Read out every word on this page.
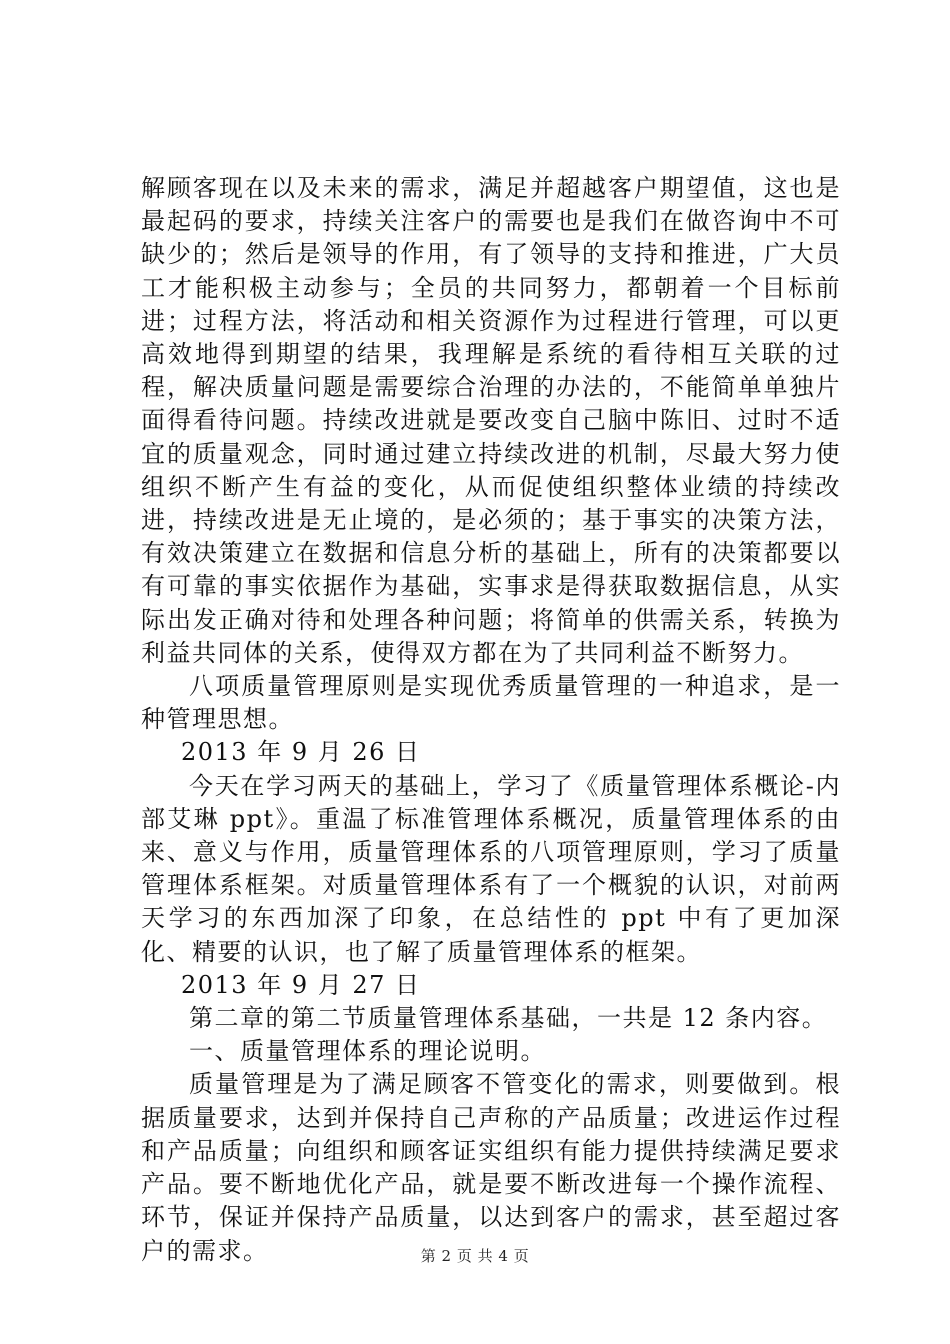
解顾客现在以及未来的需求，满足并超越客户期望值，这也是最起码的要求，持续关注客户的需要也是我们在做咨询中不可缺少的；然后是领导的作用，有了领导的支持和推进，广大员工才能积极主动参与；全员的共同努力，都朝着一个目标前进；过程方法，将活动和相关资源作为过程进行管理，可以更高效地得到期望的结果，我理解是系统的看待相互关联的过程，解决质量问题是需要综合治理的办法的，不能简单单独片面得看待问题。持续改进就是要改变自己脑中陈旧、过时不适宜的质量观念，同时通过建立持续改进的机制，尽最大努力使组织不断产生有益的变化，从而促使组织整体业绩的持续改进，持续改进是无止境的，是必须的；基于事实的决策方法，有效决策建立在数据和信息分析的基础上，所有的决策都要以有可靠的事实依据作为基础，实事求是得获取数据信息，从实际出发正确对待和处理各种问题；将简单的供需关系，转换为利益共同体的关系，使得双方都在为了共同利益不断努力。

八项质量管理原则是实现优秀质量管理的一种追求，是一种管理思想。

2013 年 9 月 26 日

今天在学习两天的基础上，学习了《质量管理体系概论-内部艾琳 ppt》。重温了标准管理体系概况，质量管理体系的由来、意义与作用，质量管理体系的八项管理原则，学习了质量管理体系框架。对质量管理体系有了一个概貌的认识，对前两天学习的东西加深了印象，在总结性的 ppt 中有了更加深化、精要的认识，也了解了质量管理体系的框架。

2013 年 9 月 27 日

第二章的第二节质量管理体系基础，一共是 12 条内容。

一、质量管理体系的理论说明。

质量管理是为了满足顾客不管变化的需求，则要做到。根据质量要求，达到并保持自己声称的产品质量；改进运作过程和产品质量；向组织和顾客证实组织有能力提供持续满足要求产品。要不断地优化产品，就是要不断改进每一个操作流程、环节，保证并保持产品质量，以达到客户的需求，甚至超过客户的需求。	第 2 页 共 4 页
